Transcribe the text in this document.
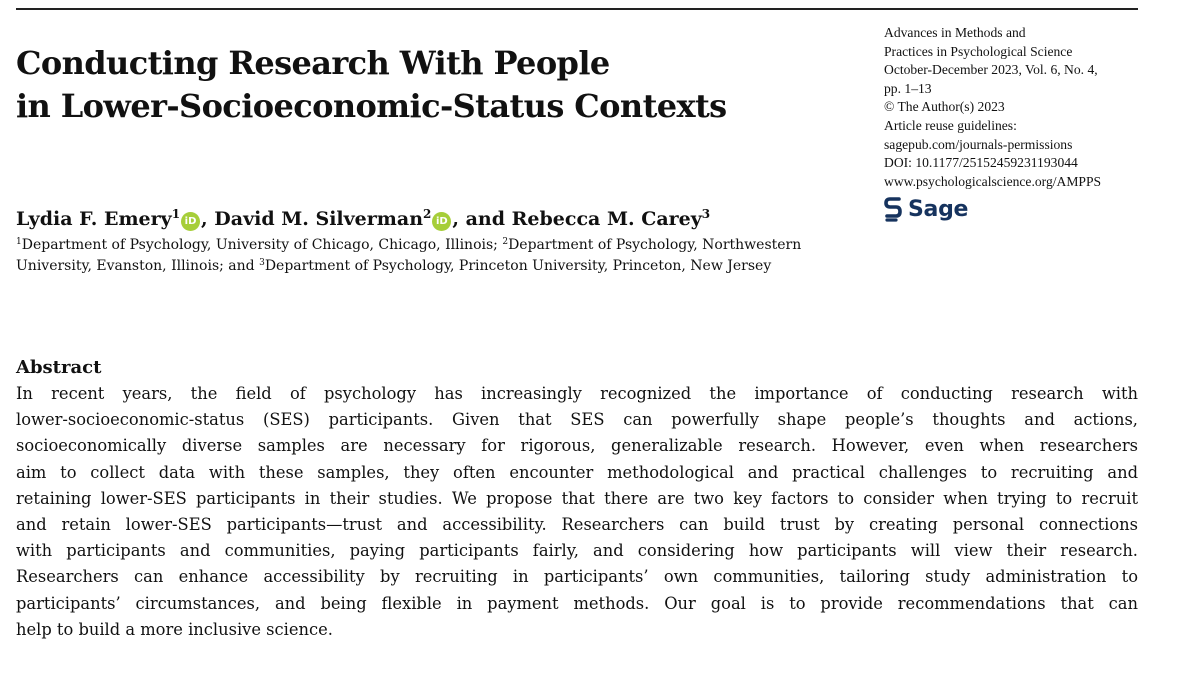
Conducting Research With People
in Lower-Socioeconomic-Status Contexts
Advances in Methods and
Practices in Psychological Science
October-December 2023, Vol. 6, No. 4,
pp. 1–13
© The Author(s) 2023
Article reuse guidelines:
sagepub.com/journals-permissions
DOI: 10.1177/25152459231193044
www.psychologicalscience.org/AMPPS
Sage
Lydia F. Emery$^1$iD , David M. Silverman$^2$iD , and Rebecca M. Carey$^3$
$^1$Department of Psychology, University of Chicago, Chicago, Illinois; $^2$Department of Psychology, Northwestern
University, Evanston, Illinois; and $^3$Department of Psychology, Princeton University, Princeton, New Jersey
Abstract
In recent years, the field of psychology has increasingly recognized the importance of conducting research with
lower-socioeconomic-status (SES) participants. Given that SES can powerfully shape people’s thoughts and actions,
socioeconomically diverse samples are necessary for rigorous, generalizable research. However, even when researchers
aim to collect data with these samples, they often encounter methodological and practical challenges to recruiting and
retaining lower-SES participants in their studies. We propose that there are two key factors to consider when trying to recruit
and retain lower-SES participants—trust and accessibility. Researchers can build trust by creating personal connections
with participants and communities, paying participants fairly, and considering how participants will view their research.
Researchers can enhance accessibility by recruiting in participants’ own communities, tailoring study administration to
participants’ circumstances, and being flexible in payment methods. Our goal is to provide recommendations that can
help to build a more inclusive science.
